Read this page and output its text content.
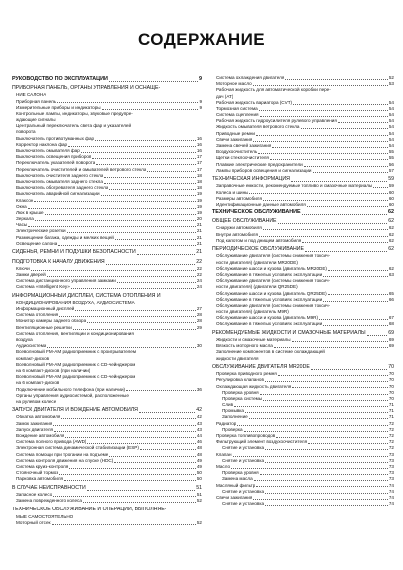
СОДЕРЖАНИЕ
РУКОВОДСТВО ПО ЭКСПЛУАТАЦИИ	9
ПРИБОРНАЯ ПАНЕЛЬ, ОРГАНЫ УПРАВЛЕНИЯ И ОСНАЩЕ-
НИЕ САЛОНА
Приборная панель	9
Измерительные приборы и индикаторы	9
Контрольные лампы, индикаторы, звуковые предупре-
ждающие сигналы
Центральный переключатель света фар и указателей
поворота
Выключатель противотуманных фар	16
Корректор наклона фар	16
Выключатель омывателя фар	16
Выключатель освещения приборов	17
Переключатель указателей поворота	17
Переключатель очистителей и омывателей ветрового стекла	17
Выключатель очистителя заднего стекла	18
Выключатель омывателя заднего стекла	18
Выключатель обогревателя заднего стекла	18
Выключатель аварийной сигнализации	19
Клаксон	19
Окна	19
Люк в крыше	19
Зеркала	20
Часы	21
Электрические розетки	21
Размещение багажа, одежды и мелких вещей	21
Освещение салона	21
СИДЕНЬЯ, РЕМНИ И ПОДУШКИ БЕЗОПАСНОСТИ	21
ПОДГОТОВКА К НАЧАЛУ ДВИЖЕНИЯ	22
Ключи	22
Замки дверей	22
Система дистанционного управления замками	24
Система «Intelligent Key»	24
ИНФОРМАЦИОННЫЙ ДИСПЛЕЙ, СИСТЕМА ОТОПЛЕНИЯ И
КОНДИЦИОНИРОВАНИЯ ВОЗДУХА, АУДИОСИСТЕМА
Информационный дисплей	27
Система отопления	28
Монитор камеры заднего обзора	28
Вентиляционные решетки	29
Система отопления, вентиляции и кондиционирования
воздуха
Аудиосистема	30
Всеволновый FM-AM радиоприемник с проигрывателем
компакт-дисков
Всеволновый FM-AM радиоприемник с CD-чейнджером
на 6 компакт-дисков (при наличии)
Всеволновый FM-AM радиоприемник с CD-чейнджером
на 6 компакт-дисков
Подключение мобильного телефона (при наличии)	36
Органы управления аудиосистемой, расположенные
на рулевом колесе
ЗАПУСК ДВИГАТЕЛЯ И ВОЖДЕНИЕ АВТОМОБИЛЯ	42
Обкатка автомобиля	42
Замок зажигания	43
Запуск двигателя	43
Вождение автомобиля	44
Система полного привода (AWD)	46
Электронная система динамической стабилизации (ESP)	48
Система помощи при трогании на подъеме	48
Система контроля движения на спуске (HDC)	49
Система круиз-контроля	49
Стояночный тормоз	50
Парковка автомобиля	50
В СЛУЧАЕ НЕИСПРАВНОСТИ	51
Запасное колесо	51
Замена поврежденного колеса	52
ТЕХНИЧЕСКОЕ ОБСЛУЖИВАНИЕ И ОПЕРАЦИИ, ВЫПОЛНЯЕ-
МЫЕ САМОСТОЯТЕЛЬНО
Моторный отсек	52
Система охлаждения двигателя	52
Моторное масло	53
Рабочая жидкость для автоматической коробки пере-
дач (AT)
Рабочая жидкость вариатора (CVT)	54
Тормозная система	54
Система сцепления	54
Рабочая жидкость гидроусилителя рулевого управления	54
Жидкость омывателя ветрового стекла	54
Приводные ремни	54
Свечи зажигания	54
Замена свечей зажигания	54
Воздухоочиститель	55
Щетки стеклоочистителя	55
Плавкие электрические предохранители	56
Лампы приборов освещения и сигнализации	57
ТЕХНИЧЕСКАЯ ИНФОРМАЦИЯ	59
Заправочные емкости, рекомендуемые топливо и смазочные материалы	59
Колеса и шины	60
Размеры автомобиля	60
Идентификационные данные автомобиля	60
ТЕХНИЧЕСКОЕ ОБСЛУЖИВАНИЕ	62
ОБЩЕЕ ОБСЛУЖИВАНИЕ	62
Снаружи автомобиля	62
Внутри автомобиля	62
Под капотом и под днищем автомобиля	62
ПЕРИОДИЧЕСКОЕ ОБСЛУЖИВАНИЕ	62
Обслуживание двигателя (системы снижения токсич-
ности двигателя) (двигатели MR20DE)
Обслуживание шасси и кузова (двигатель MR20DE)	62
Обслуживание в тяжелых условиях эксплуатации	63
Обслуживание двигателя (системы снижения токсич-
ности двигателя) (двигатели QR25DE)
Обслуживание шасси и кузова (двигатель QR25DE)	65
Обслуживание в тяжелых условиях эксплуатации	66
Обслуживание двигателя (системы снижения токсич-
ности двигателя) (двигатель M9R)
Обслуживание шасси и кузова (двигатель M9R)	67
Обслуживание в тяжелых условиях эксплуатации	68
РЕКОМЕНДУЕМЫЕ ЖИДКОСТИ И СМАЗОЧНЫЕ МАТЕРИАЛЫ	69
Жидкости и смазочные материалы	69
Вязкость моторного масла	69
Заполнение компонентов в системе охлаждающей
жидкости двигателя
ОБСЛУЖИВАНИЕ ДВИГАТЕЛЯ MR20DE	70
Проверка приводного ремня	70
Регулировка клапанов	70
Охлаждающая жидкость двигателя	70
Проверка уровня	70
Проверка системы	70
Слив	71
Промывка	71
Заполнение	71
Радиатор	72
Проверка	72
Проверка топливопроводов	72
Фильтрующий элемент воздухоочистителя	72
Снятие и установка	72
Клапан	73
Снятие и установка	73
Масло	73
Проверка уровня	73
Замена масла	73
Масляный фильтр	74
Снятие и установка	74
Свечи зажигания	74
Снятие и установка	74
